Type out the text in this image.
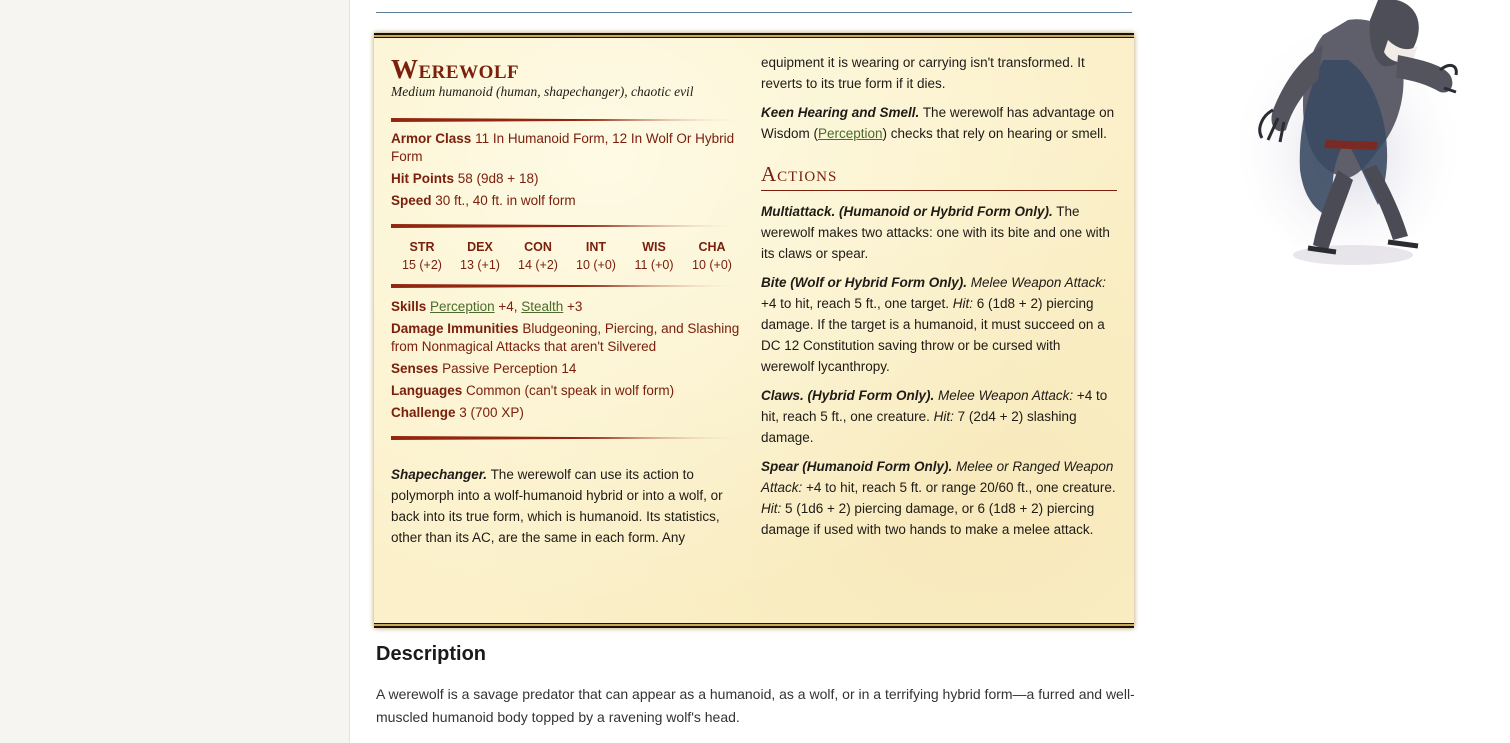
Werewolf
Medium humanoid (human, shapechanger), chaotic evil
Armor Class 11 In Humanoid Form, 12 In Wolf Or Hybrid Form
Hit Points 58 (9d8 + 18)
Speed 30 ft., 40 ft. in wolf form
STR
15 (+2)
DEX
13 (+1)
CON
14 (+2)
INT
10 (+0)
WIS
11 (+0)
CHA
10 (+0)
Skills Perception +4, Stealth +3
Damage Immunities Bludgeoning, Piercing, and Slashing from Nonmagical Attacks that aren't Silvered
Senses Passive Perception 14
Languages Common (can't speak in wolf form)
Challenge 3 (700 XP)
Shapechanger. The werewolf can use its action to polymorph into a wolf-humanoid hybrid or into a wolf, or back into its true form, which is humanoid. Its statistics, other than its AC, are the same in each form. Any
equipment it is wearing or carrying isn't transformed. It reverts to its true form if it dies.
Keen Hearing and Smell. The werewolf has advantage on Wisdom (Perception) checks that rely on hearing or smell.
Actions
Multiattack. (Humanoid or Hybrid Form Only). The werewolf makes two attacks: one with its bite and one with its claws or spear.
Bite (Wolf or Hybrid Form Only). Melee Weapon Attack: +4 to hit, reach 5 ft., one target. Hit: 6 (1d8 + 2) piercing damage. If the target is a humanoid, it must succeed on a DC 12 Constitution saving throw or be cursed with werewolf lycanthropy.
Claws. (Hybrid Form Only). Melee Weapon Attack: +4 to hit, reach 5 ft., one creature. Hit: 7 (2d4 + 2) slashing damage.
Spear (Humanoid Form Only). Melee or Ranged Weapon Attack: +4 to hit, reach 5 ft. or range 20/60 ft., one creature. Hit: 5 (1d6 + 2) piercing damage, or 6 (1d8 + 2) piercing damage if used with two hands to make a melee attack.
Description
A werewolf is a savage predator that can appear as a humanoid, as a wolf, or in a terrifying hybrid form—a furred and well-muscled humanoid body topped by a ravening wolf's head.
